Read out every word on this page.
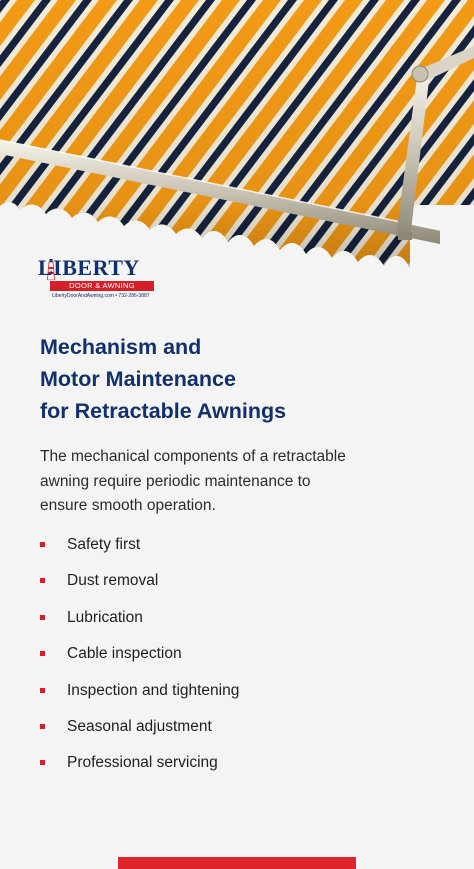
LIBERTY
DOOR & AWNING
LibertyDoorAndAwning.com • 732-286-3887
Mechanism and
Motor Maintenance
for Retractable Awnings

The mechanical components of a retractable
awning require periodic maintenance to
ensure smooth operation.

Safety first
Dust removal
Lubrication
Cable inspection
Inspection and tightening
Seasonal adjustment
Professional servicing
